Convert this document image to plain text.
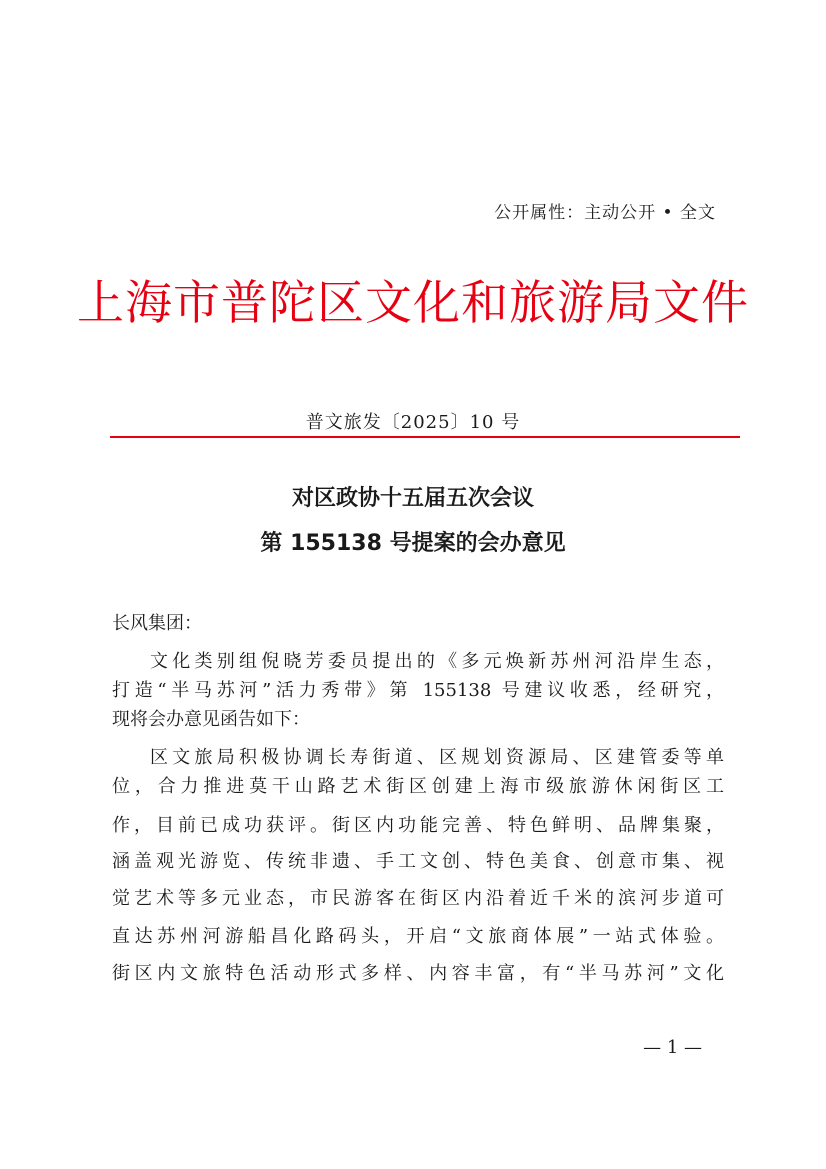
公开属性：主动公开 • 全文
上海市普陀区文化和旅游局文件
普文旅发〔2025〕10 号
对区政协十五届五次会议
第 155138 号提案的会办意见
长风集团：
文化类别组倪晓芳委员提出的《多元焕新苏州河沿岸生态，
打造“半马苏河”活力秀带》第 155138 号建议收悉，经研究，
现将会办意见函告如下：
区文旅局积极协调长寿街道、区规划资源局、区建管委等单
位，合力推进莫干山路艺术街区创建上海市级旅游休闲街区工
作，目前已成功获评。街区内功能完善、特色鲜明、品牌集聚，
涵盖观光游览、传统非遗、手工文创、特色美食、创意市集、视
觉艺术等多元业态，市民游客在街区内沿着近千米的滨河步道可
直达苏州河游船昌化路码头，开启“文旅商体展”一站式体验。
街区内文旅特色活动形式多样、内容丰富，有“半马苏河”文化
— 1 —
